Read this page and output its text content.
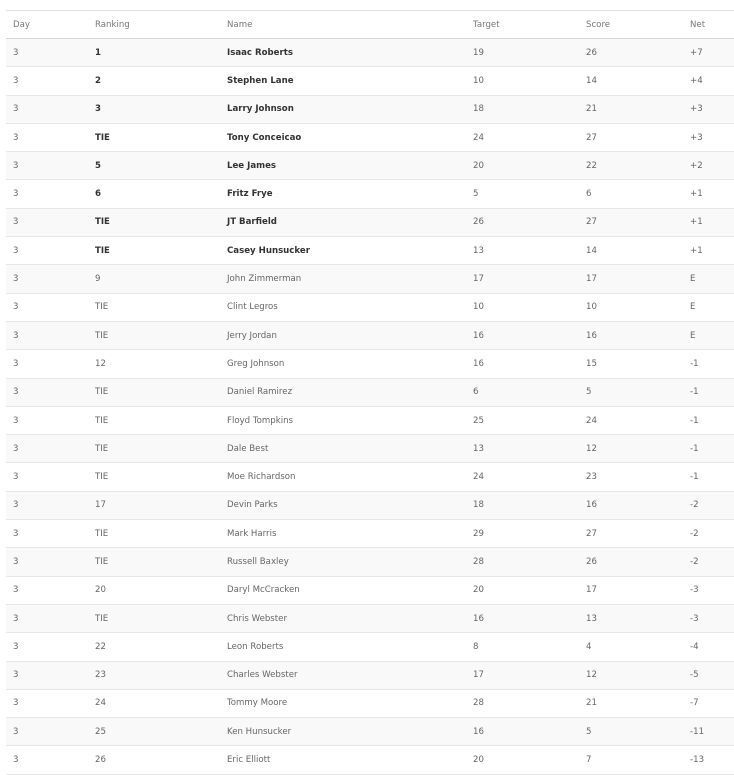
Day	Ranking	Name	Target	Score	Net
3	1	Isaac Roberts	19	26	+7
3	2	Stephen Lane	10	14	+4
3	3	Larry Johnson	18	21	+3
3	TIE	Tony Conceicao	24	27	+3
3	5	Lee James	20	22	+2
3	6	Fritz Frye	5	6	+1
3	TIE	JT Barfield	26	27	+1
3	TIE	Casey Hunsucker	13	14	+1
3	9	John Zimmerman	17	17	E
3	TIE	Clint Legros	10	10	E
3	TIE	Jerry Jordan	16	16	E
3	12	Greg Johnson	16	15	-1
3	TIE	Daniel Ramirez	6	5	-1
3	TIE	Floyd Tompkins	25	24	-1
3	TIE	Dale Best	13	12	-1
3	TIE	Moe Richardson	24	23	-1
3	17	Devin Parks	18	16	-2
3	TIE	Mark Harris	29	27	-2
3	TIE	Russell Baxley	28	26	-2
3	20	Daryl McCracken	20	17	-3
3	TIE	Chris Webster	16	13	-3
3	22	Leon Roberts	8	4	-4
3	23	Charles Webster	17	12	-5
3	24	Tommy Moore	28	21	-7
3	25	Ken Hunsucker	16	5	-11
3	26	Eric Elliott	20	7	-13
